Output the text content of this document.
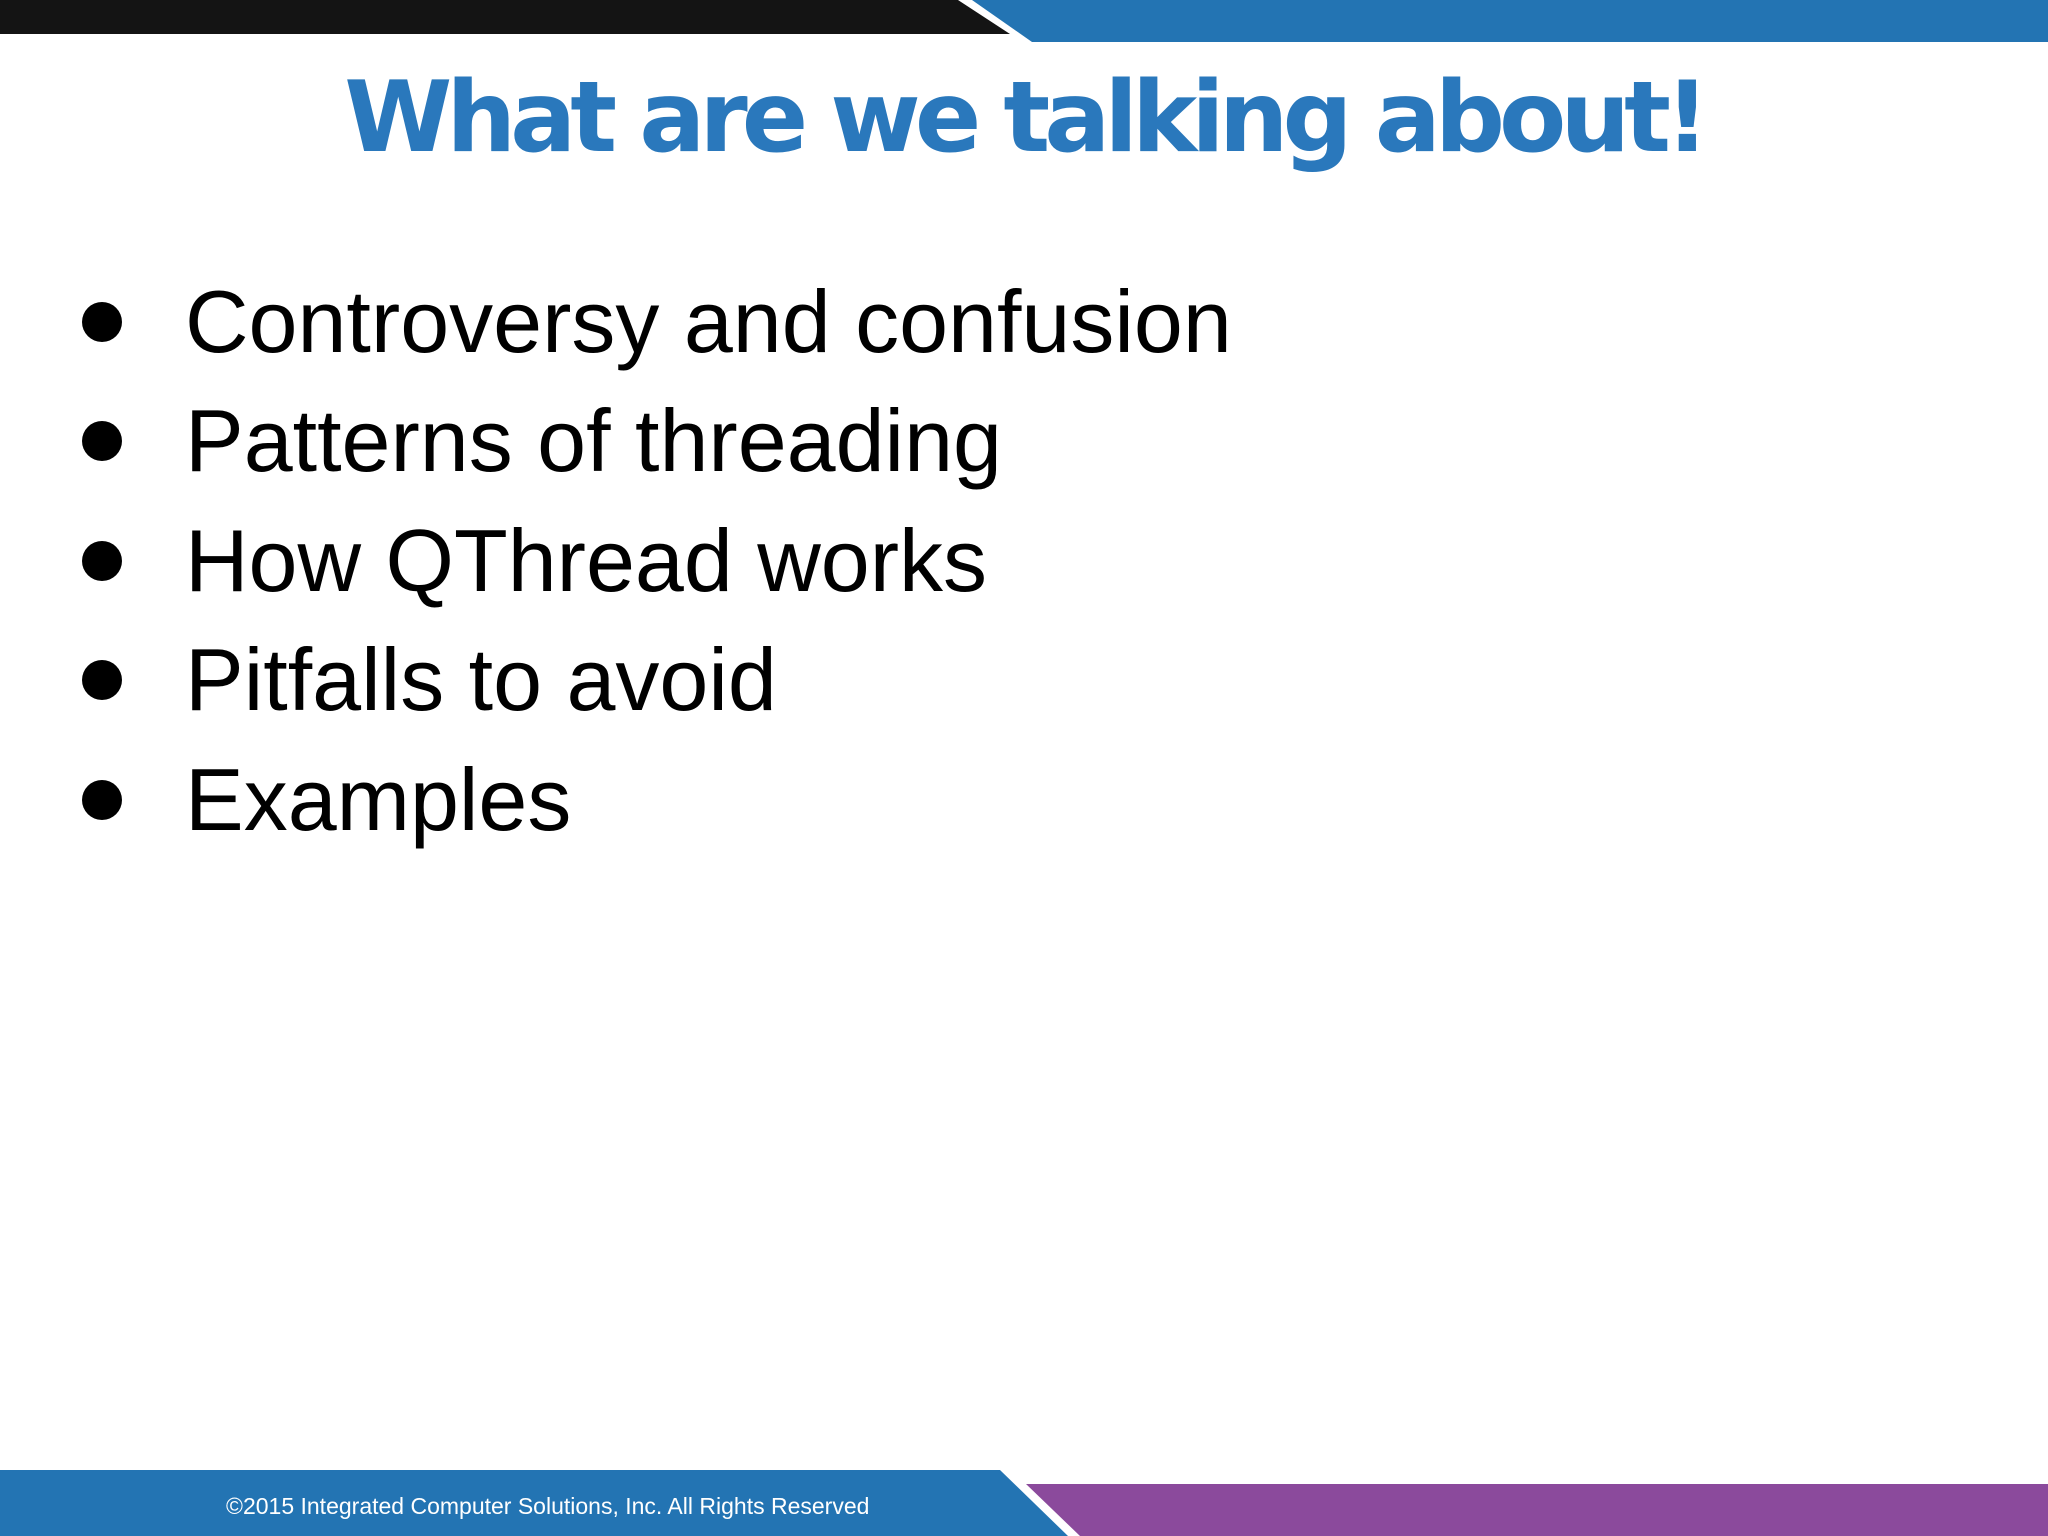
What are we talking about!
Controversy and confusion
Patterns of threading
How QThread works
Pitfalls to avoid
Examples
©2015 Integrated Computer Solutions, Inc. All Rights Reserved
